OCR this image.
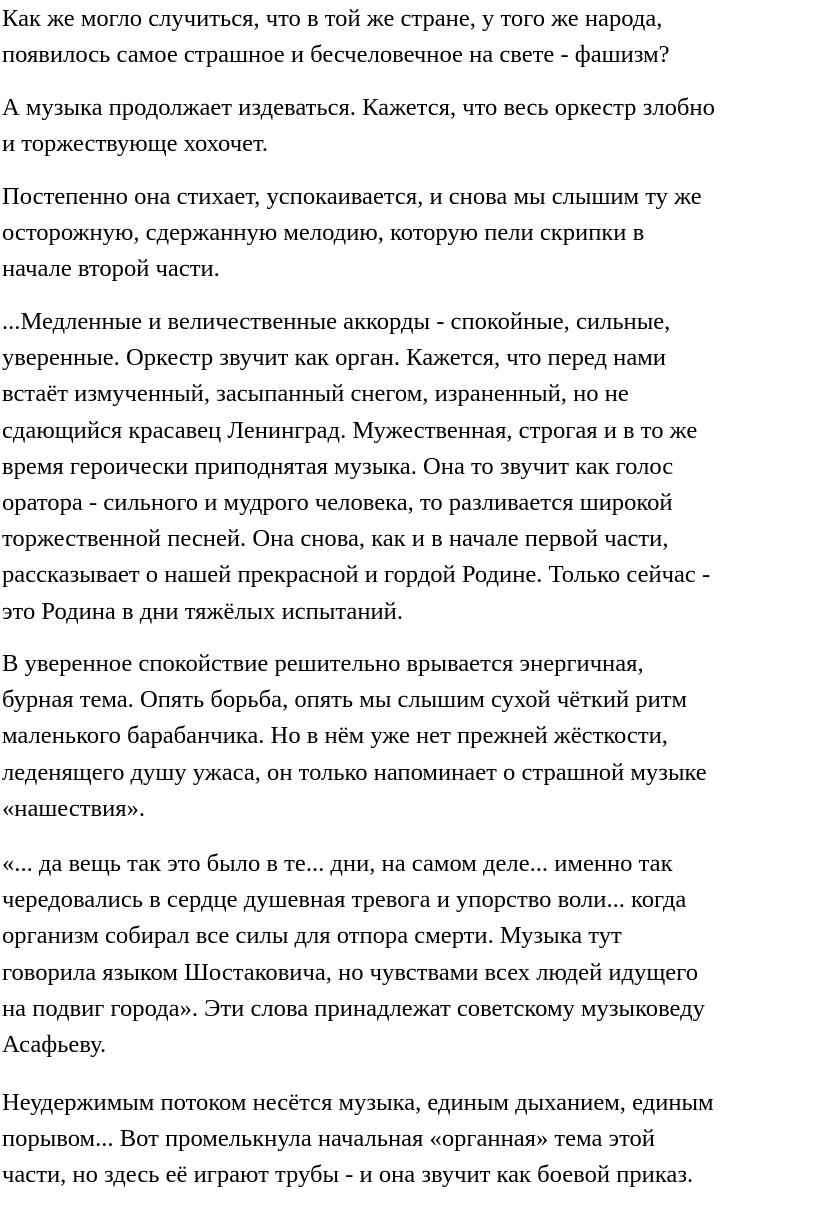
Как же могло случиться, что в той же стране, у того же народа,
появилось самое страшное и бесчеловечное на свете - фашизм?

А музыка продолжает издеваться. Кажется, что весь оркестр злобно
и торжествующе хохочет.

Постепенно она стихает, успокаивается, и снова мы слышим ту же
осторожную, сдержанную мелодию, которую пели скрипки в
начале второй части.

...Медленные и величественные аккорды - спокойные, сильные,
уверенные. Оркестр звучит как орган. Кажется, что перед нами
встаёт измученный, засыпанный снегом, израненный, но не
сдающийся красавец Ленинград. Мужественная, строгая и в то же
время героически приподнятая музыка. Она то звучит как голос
оратора - сильного и мудрого человека, то разливается широкой
торжественной песней. Она снова, как и в начале первой части,
рассказывает о нашей прекрасной и гордой Родине. Только сейчас -
это Родина в дни тяжёлых испытаний.

В уверенное спокойствие решительно врывается энергичная,
бурная тема. Опять борьба, опять мы слышим сухой чёткий ритм
маленького барабанчика. Но в нём уже нет прежней жёсткости,
леденящего душу ужаса, он только напоминает о страшной музыке
«нашествия».

«... да вещь так это было в те... дни, на самом деле... именно так
чередовались в сердце душевная тревога и упорство воли... когда
организм собирал все силы для отпора смерти. Музыка тут
говорила языком Шостаковича, но чувствами всех людей идущего
на подвиг города». Эти слова принадлежат советскому музыковеду
Асафьеву.

Неудержимым потоком несётся музыка, единым дыханием, единым
порывом... Вот промелькнула начальная «органная» тема этой
части, но здесь её играют трубы - и она звучит как боевой приказ.
